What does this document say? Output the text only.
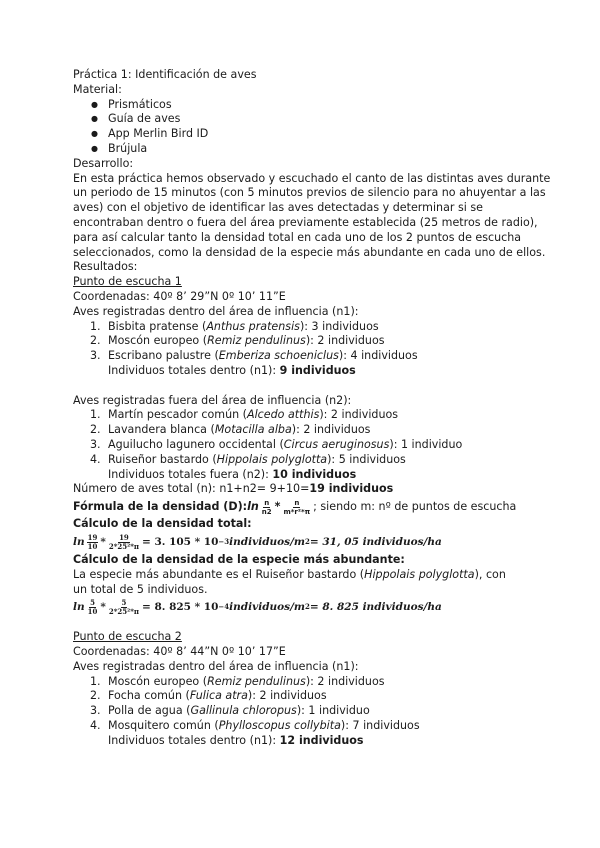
Práctica 1: Identificación de aves
Material:
● Prismáticos
● Guía de aves
● App Merlin Bird ID
● Brújula
Desarrollo:
En esta práctica hemos observado y escuchado el canto de las distintas aves durante un periodo de 15 minutos (con 5 minutos previos de silencio para no ahuyentar a las aves) con el objetivo de identificar las aves detectadas y determinar si se encontraban dentro o fuera del área previamente establecida (25 metros de radio), para así calcular tanto la densidad total en cada uno de los 2 puntos de escucha seleccionados, como la densidad de la especie más abundante en cada uno de ellos.
Resultados:
Punto de escucha 1
Coordenadas: 40º 8’ 29”N 0º 10’ 11”E
Aves registradas dentro del área de influencia (n1):
1. Bisbita pratense (Anthus pratensis): 3 individuos
2. Moscón europeo (Remiz pendulinus): 2 individuos
3. Escribano palustre (Emberiza schoeniclus): 4 individuos
Individuos totales dentro (n1): 9 individuos
Aves registradas fuera del área de influencia (n2):
1. Martín pescador común (Alcedo atthis): 2 individuos
2. Lavandera blanca (Motacilla alba): 2 individuos
3. Aguilucho lagunero occidental (Circus aeruginosus): 1 individuo
4. Ruiseñor bastardo (Hippolais polyglotta): 5 individuos
Individuos totales fuera (n2): 10 individuos
Número de aves total (n): n1+n2= 9+10=19 individuos
Fórmula de la densidad (D): $\ln \frac{n}{n2} * \frac{n}{\text{m*r²*π}}$ ; siendo m: nº de puntos de escucha
Cálculo de la densidad total:
$\ln \frac{19}{10} * \frac{19}{\text{2*25²*π}} = 3$. 105 * 10 −3 individuos/m 2 = 31, 05 individuos/ha
Cálculo de la densidad de la especie más abundante:
La especie más abundante es el Ruiseñor bastardo (Hippolais polyglotta), con
un total de 5 individuos.
$\ln \frac{5}{10} * \frac{5}{\text{2*25²*π}} = 8$. 825 * 10 −4 individuos/m 2 = 8. 825 individuos/ha
Punto de escucha 2
Coordenadas: 40º 8’ 44”N 0º 10’ 17”E
Aves registradas dentro del área de influencia (n1):
1. Moscón europeo (Remiz pendulinus): 2 individuos
2. Focha común (Fulica atra): 2 individuos
3. Polla de agua (Gallinula chloropus): 1 individuo
4. Mosquitero común (Phylloscopus collybita): 7 individuos
Individuos totales dentro (n1): 12 individuos
